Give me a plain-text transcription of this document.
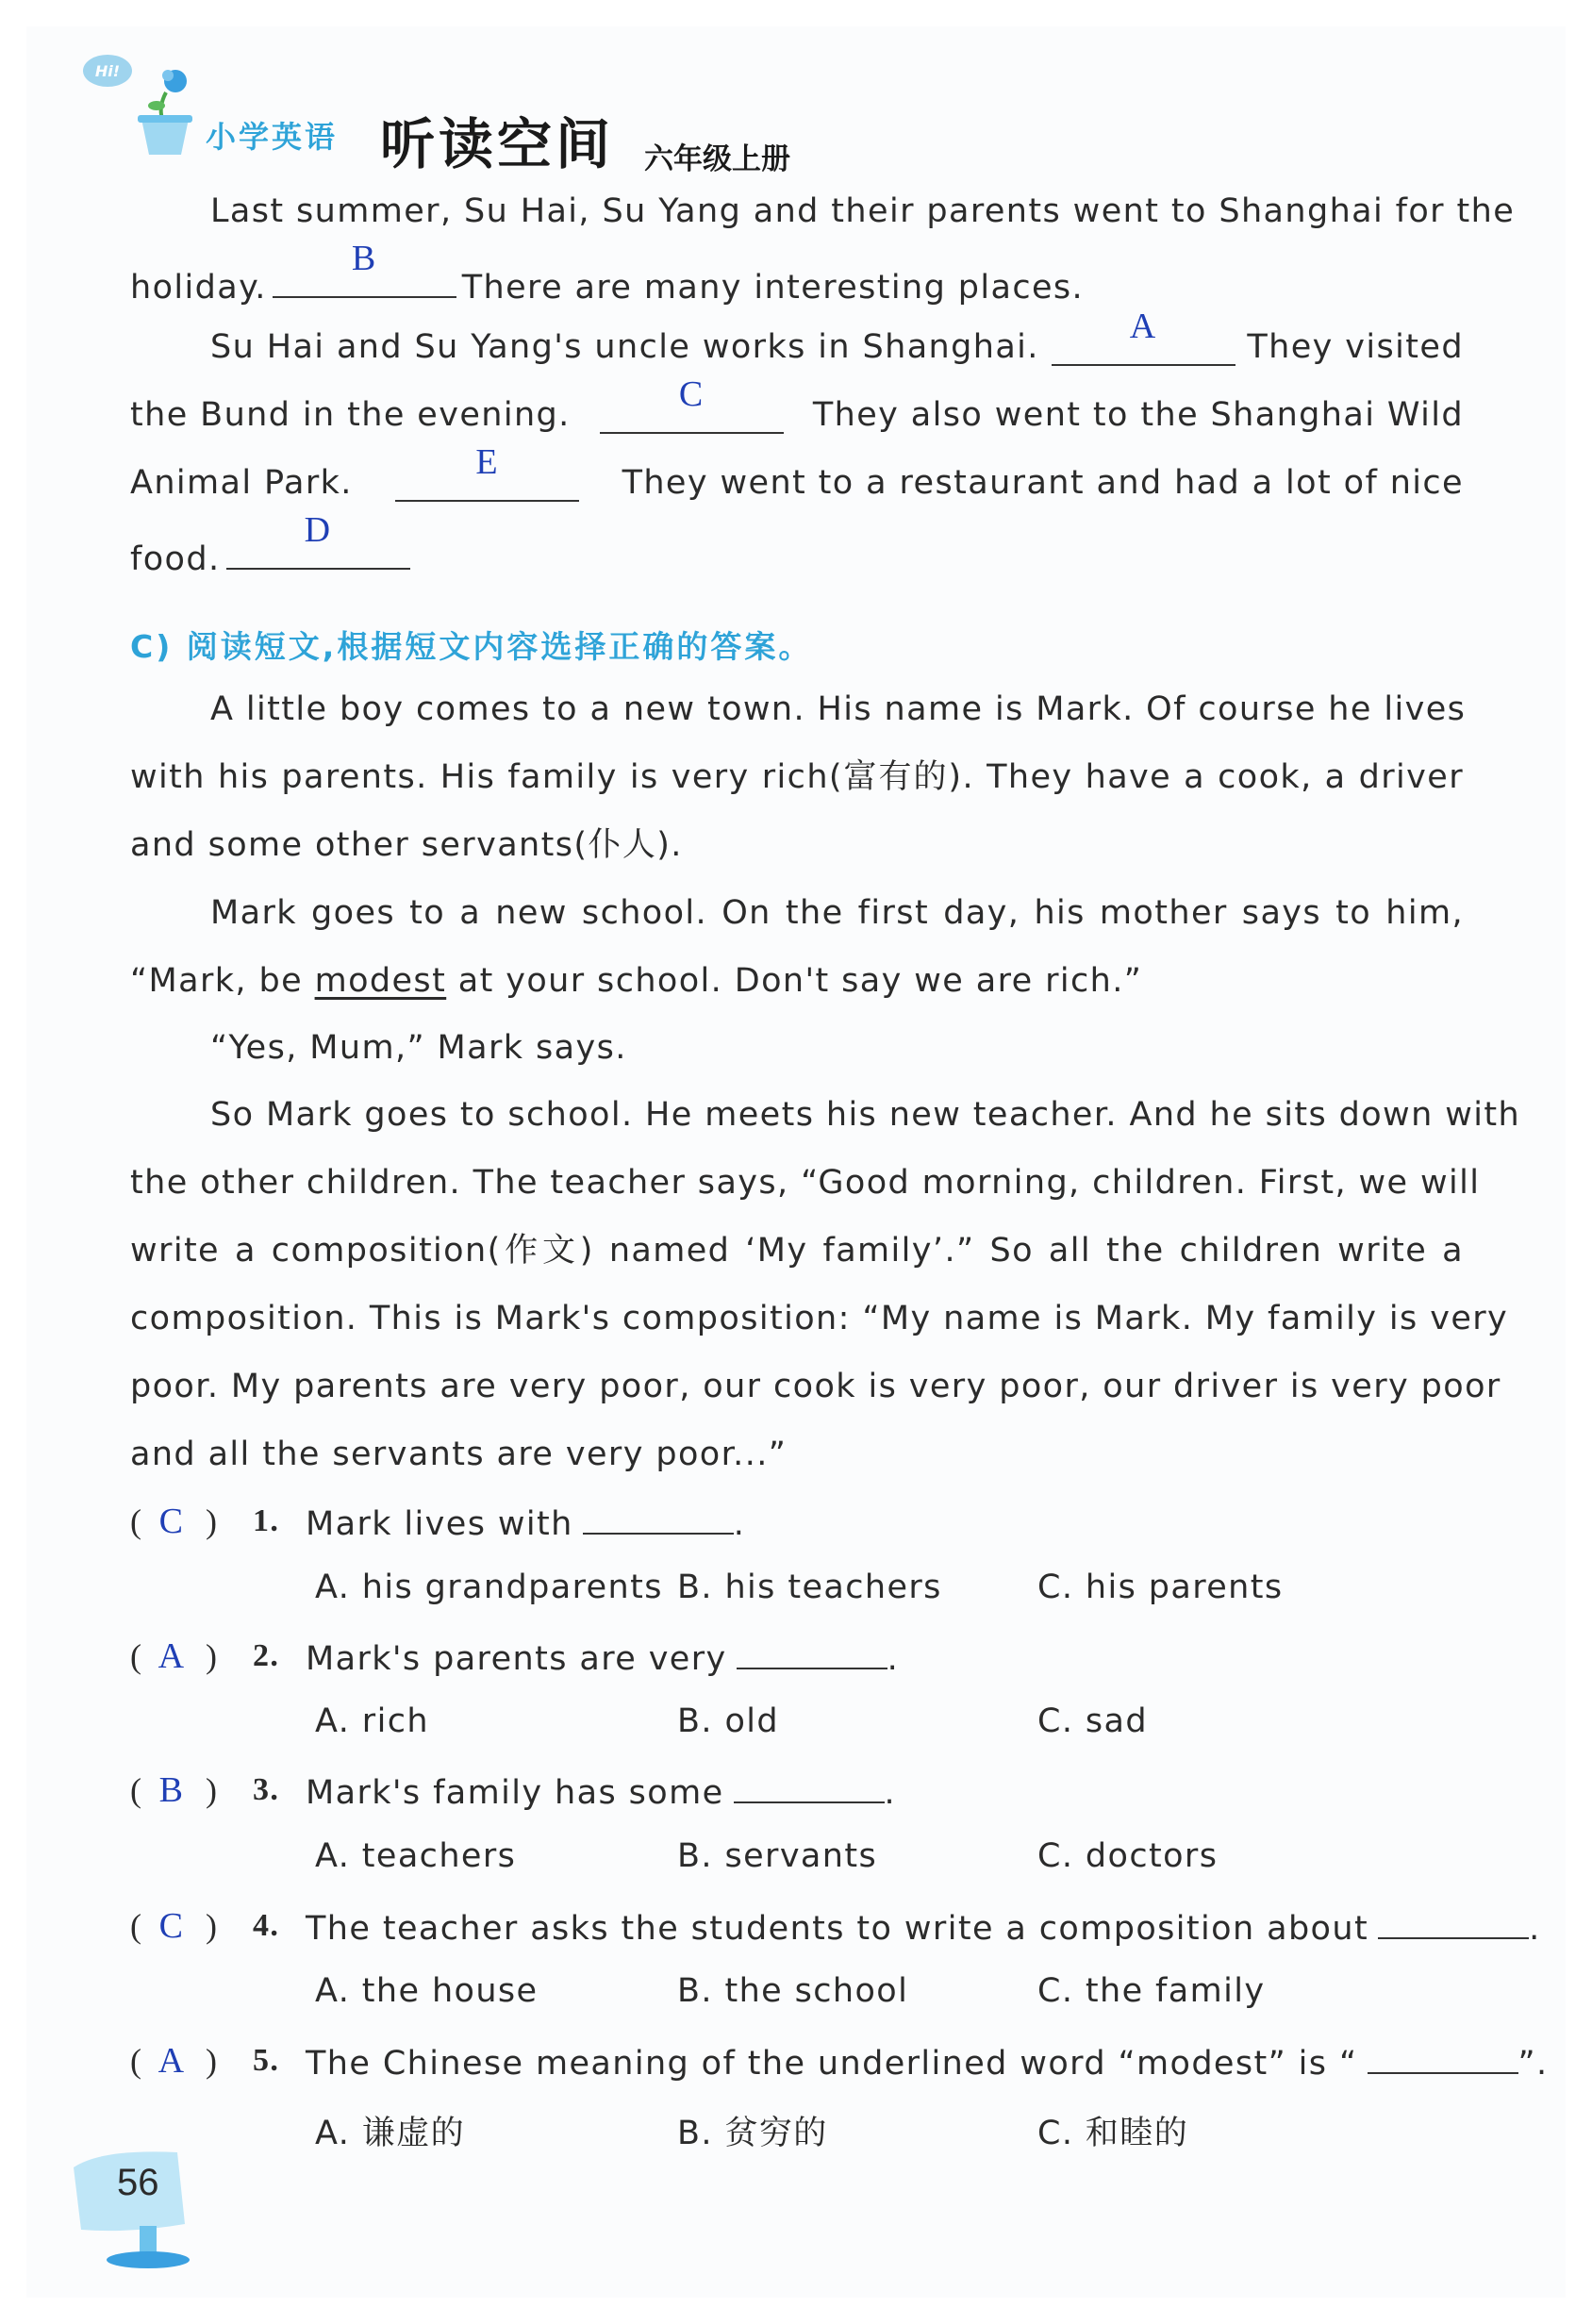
Hi!
小学英语 听读空间 六年级上册
Last summer, Su Hai, Su Yang and their parents went to Shanghai for the
holiday.
B
There are many interesting places.
Su Hai and Su Yang's uncle works in Shanghai.
A
They visited
the Bund in the evening.
C
They also went to the Shanghai Wild
Animal Park.
E
They went to a restaurant and had a lot of nice
food.
D
C) 阅读短文,根据短文内容选择正确的答案。
A little boy comes to a new town. His name is Mark. Of course he lives
with his parents. His family is very rich(富有的). They have a cook, a driver
and some other servants(仆人).
Mark goes to a new school. On the first day, his mother says to him,
“Mark, be modest at your school. Don't say we are rich.”
“Yes, Mum,” Mark says.
So Mark goes to school. He meets his new teacher. And he sits down with
the other children. The teacher says, “Good morning, children. First, we will
write a composition(作文) named ‘My family’.” So all the children write a
composition. This is Mark's composition: “My name is Mark. My family is very
poor. My parents are very poor, our cook is very poor, our driver is very poor
and all the servants are very poor...”
( C ) 1. Mark lives with	.
A. his grandparents B. his teachers	C. his parents
( A ) 2. Mark's parents are very	.
A. rich	B. old	C. sad
( B ) 3. Mark's family has some	.
A. teachers	B. servants	C. doctors
( C ) 4. The teacher asks the students to write a composition about	.
A. the house	B. the school	C. the family
( A ) 5. The Chinese meaning of the underlined word “modest” is “	”.
A. 谦虚的	B. 贫穷的	C. 和睦的
56
